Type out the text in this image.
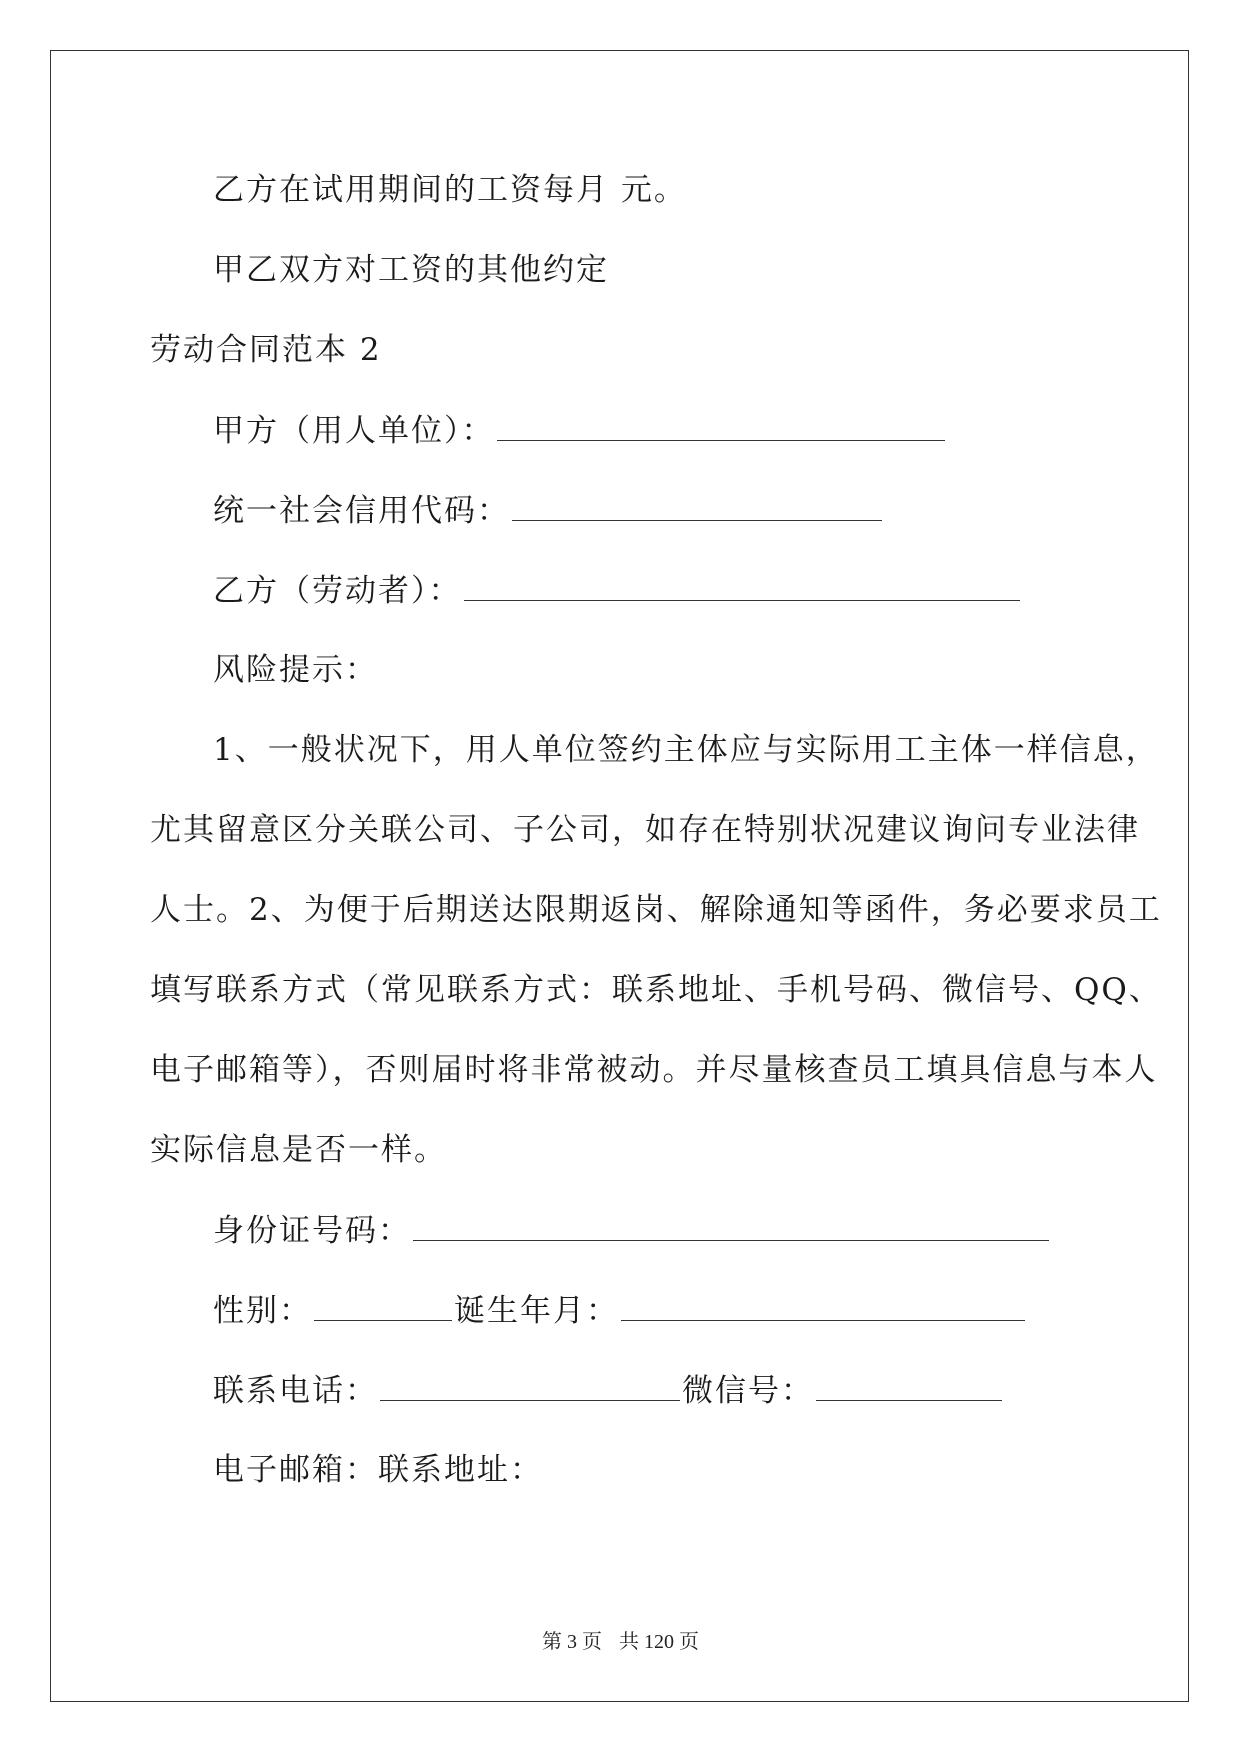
乙方在试用期间的工资每月 元。
甲乙双方对工资的其他约定
劳动合同范本 2
甲方（用人单位）：
统一社会信用代码：
乙方（劳动者）：
风险提示：
1、一般状况下，用人单位签约主体应与实际用工主体一样信息，
尤其留意区分关联公司、子公司，如存在特别状况建议询问专业法律
人士。2、为便于后期送达限期返岗、解除通知等函件，务必要求员工
填写联系方式（常见联系方式：联系地址、手机号码、微信号、QQ、
电子邮箱等），否则届时将非常被动。并尽量核查员工填具信息与本人
实际信息是否一样。
身份证号码：
性别：	诞生年月：
联系电话：	微信号：
电子邮箱：联系地址：
第 3 页 共 120 页
